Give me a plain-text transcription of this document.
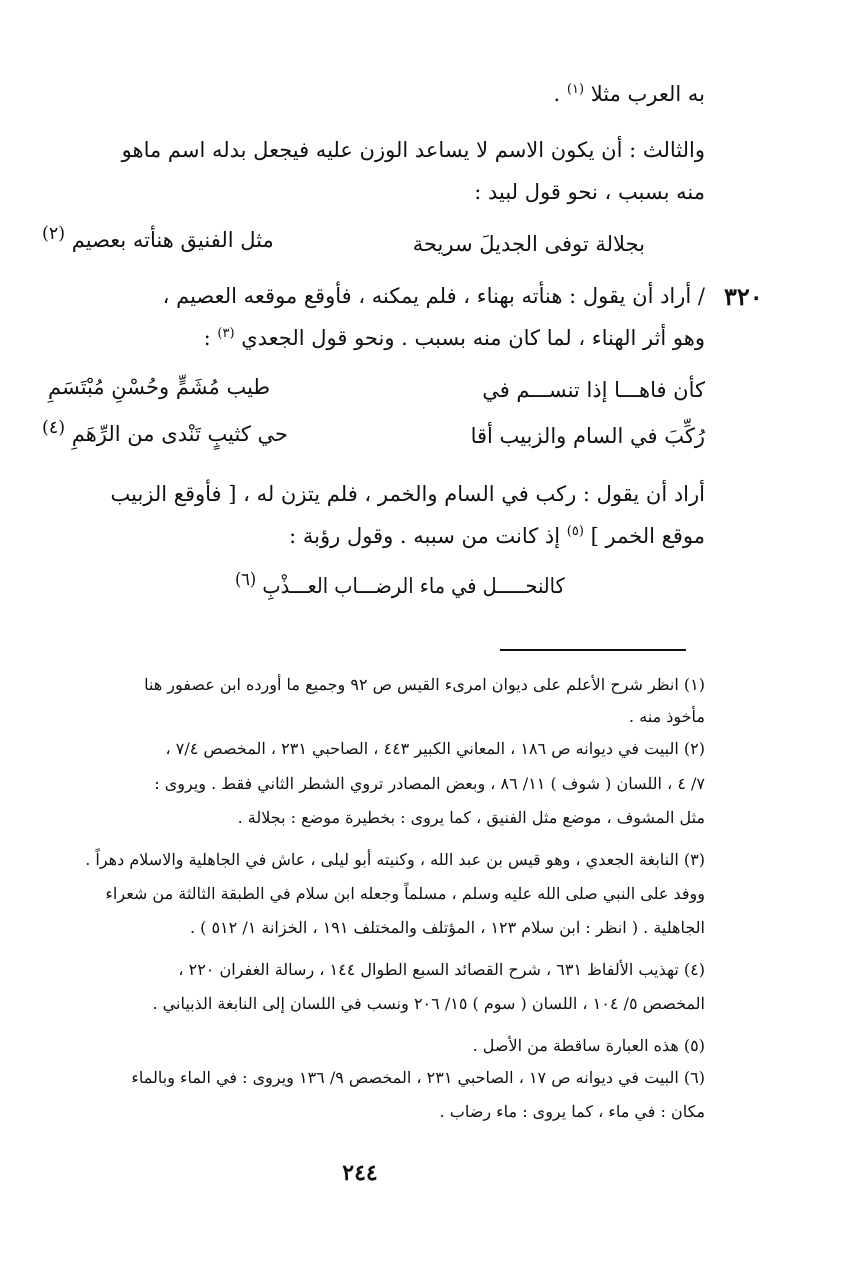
به العرب مثلا $^{(١)}$ .
والثالث : أن يكون الاسم لا يساعد الوزن عليه فيجعل بدله اسم ماهو
منه بسبب ، نحو قول لبيد :
بجلالة توفى الجديلَ سريحة
مثل الفنيق هنأته بعصيم $^{(٢)}$
٣٢٠
/ أراد أن يقول : هنأته بهناء ، فلم يمكنه ، فأوقع موقعه العصيم ،
وهو أثر الهناء ، لما كان منه بسبب . ونحو قول الجعدي $^{(٣)}$ :
كأن فاهـــا إذا تنســـم في
طيب مُشَمٍّ وحُسْنِ مُبْتَسَمِ
رُكِّبَ في السام والزبيب أقا
حي كثيبٍ تَنْدى من الرِّهَمِ $^{(٤)}$
أراد أن يقول : ركب في السام والخمر ، فلم يتزن له ، [ فأوقع الزبيب
موقع الخمر ] $^{(٥)}$ إذ كانت من سببه . وقول رؤبة :
كالنحـــــل في ماء الرضـــاب العـــذْبِ $^{(٦)}$
(١) انظر شرح الأعلم على ديوان امرىء القيس ص ٩٢ وجميع ما أورده ابن عصفور هنا
مأخوذ منه .
(٢) البيت في ديوانه ص ١٨٦ ، المعاني الكبير ٤٤٣ ، الصاحبي ٢٣١ ، المخصص ٧/٤ ،
٧/ ٤ ، اللسان ( شوف ) ١١/ ٨٦ ، وبعض المصادر تروي الشطر الثاني فقط . ويروى :
مثل المشوف ، موضع مثل الفنيق ، كما يروى : بخطيرة موضع : بجلالة .
(٣) النابغة الجعدي ، وهو قيس بن عبد الله ، وكنيته أبو ليلى ، عاش في الجاهلية والاسلام دهراً .
ووفد على النبي صلى الله عليه وسلم ، مسلماً وجعله ابن سلام في الطبقة الثالثة من شعراء
الجاهلية . ( انظر : ابن سلام ١٢٣ ، المؤتلف والمختلف ١٩١ ، الخزانة ١/ ٥١٢ ) .
(٤) تهذيب الألفاظ ٦٣١ ، شرح القصائد السبع الطوال ١٤٤ ، رسالة الغفران ٢٢٠ ،
المخصص ٥/ ١٠٤ ، اللسان ( سوم ) ١٥/ ٢٠٦ ونسب في اللسان إلى النابغة الذبياني .
(٥) هذه العبارة ساقطة من الأصل .
(٦) البيت في ديوانه ص ١٧ ، الصاحبي ٢٣١ ، المخصص ٩/ ١٣٦ ويروى : في الماء وبالماء
مكان : في ماء ، كما يروى : ماء رضاب .
٢٤٤
